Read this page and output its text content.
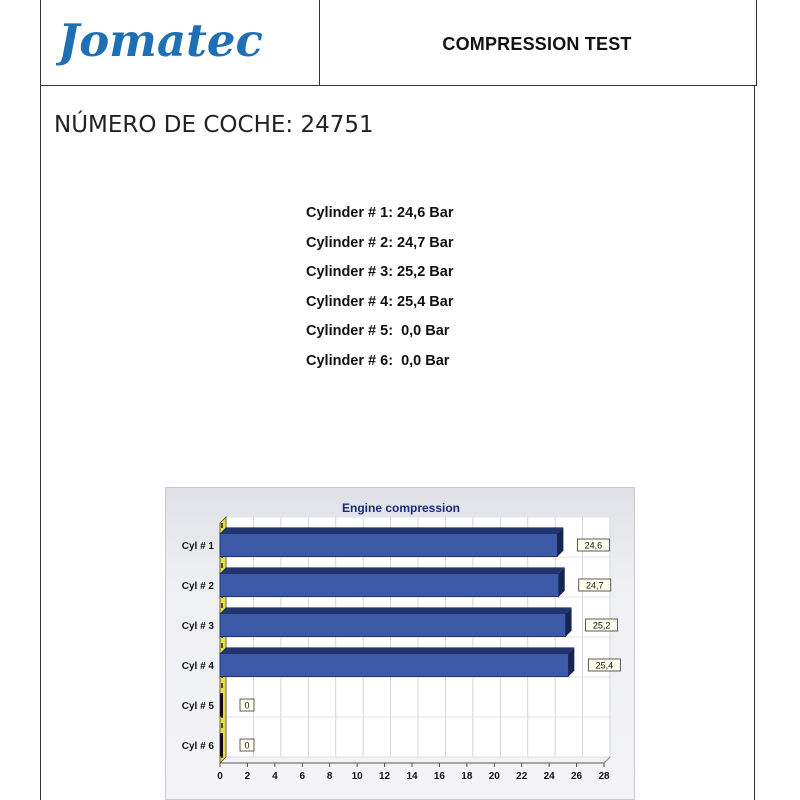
Jomatec	COMPRESSION TEST
NÚMERO DE COCHE: 24751
Cylinder # 1: 24,6 Bar
Cylinder # 2: 24,7 Bar
Cylinder # 3: 25,2 Bar
Cylinder # 4: 25,4 Bar
Cylinder # 5:  0,0 Bar
Cylinder # 6:  0,0 Bar
Engine compression
Cyl # 1	24,6
Cyl # 2	24,7
Cyl # 3	25,2
Cyl # 4	25,4
Cyl # 5	0
Cyl # 6	0
0 2 4 6 8 10 12 14 16 18 20 22 24 26 28
